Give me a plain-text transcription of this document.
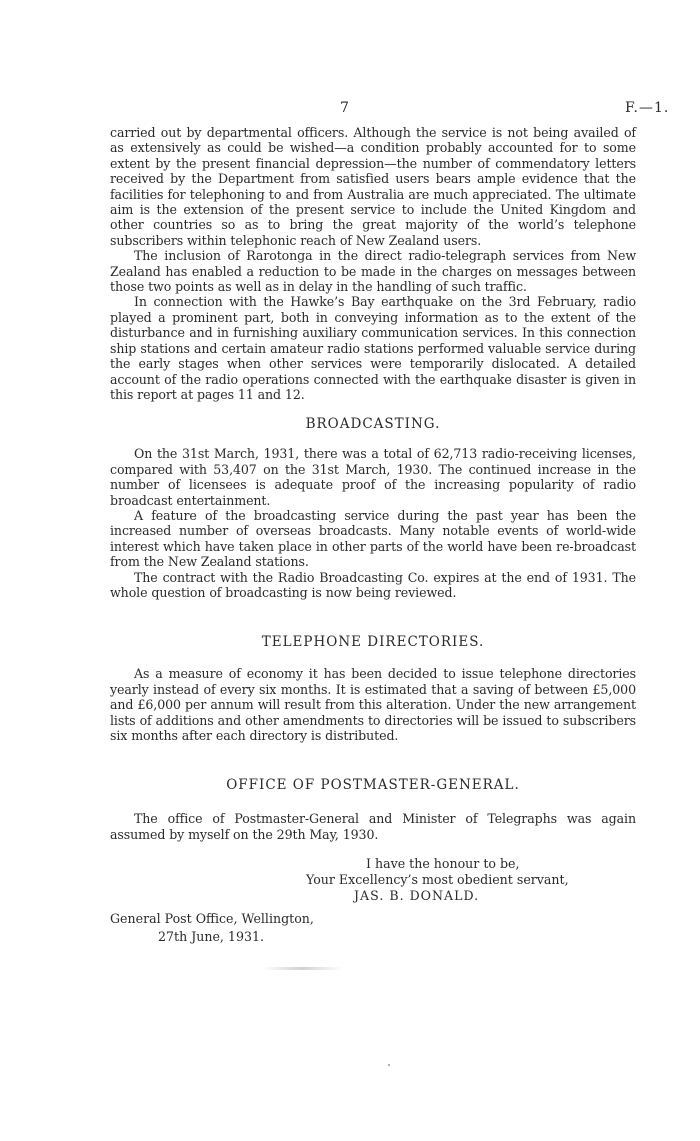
7	F.—1.

carried out by departmental officers. Although the service is not being availed of as extensively as could be wished—a condition probably accounted for to some extent by the present financial depression—the number of commendatory letters received by the Department from satisfied users bears ample evidence that the facilities for telephoning to and from Australia are much appreciated. The ultimate aim is the extension of the present service to include the United Kingdom and other countries so as to bring the great majority of the world’s telephone subscribers within telephonic reach of New Zealand users.

The inclusion of Rarotonga in the direct radio-telegraph services from New Zealand has enabled a reduction to be made in the charges on messages between those two points as well as in delay in the handling of such traffic.

In connection with the Hawke’s Bay earthquake on the 3rd February, radio played a prominent part, both in conveying information as to the extent of the disturbance and in furnishing auxiliary communication services. In this connection ship stations and certain amateur radio stations performed valuable service during the early stages when other services were temporarily dislocated. A detailed account of the radio operations connected with the earthquake disaster is given in this report at pages 11 and 12.

BROADCASTING.

On the 31st March, 1931, there was a total of 62,713 radio-receiving licenses, compared with 53,407 on the 31st March, 1930. The continued increase in the number of licensees is adequate proof of the increasing popularity of radio broadcast entertainment.

A feature of the broadcasting service during the past year has been the increased number of overseas broadcasts. Many notable events of world-wide interest which have taken place in other parts of the world have been re-broadcast from the New Zealand stations.

The contract with the Radio Broadcasting Co. expires at the end of 1931. The whole question of broadcasting is now being reviewed.

TELEPHONE DIRECTORIES.

As a measure of economy it has been decided to issue telephone directories yearly instead of every six months. It is estimated that a saving of between £5,000 and £6,000 per annum will result from this alteration. Under the new arrangement lists of additions and other amendments to directories will be issued to subscribers six months after each directory is distributed.

OFFICE OF POSTMASTER-GENERAL.

The office of Postmaster-General and Minister of Telegraphs was again assumed by myself on the 29th May, 1930.

I have the honour to be,

Your Excellency’s most obedient servant,

JAS. B. DONALD.

General Post Office, Wellington,

27th June, 1931.
